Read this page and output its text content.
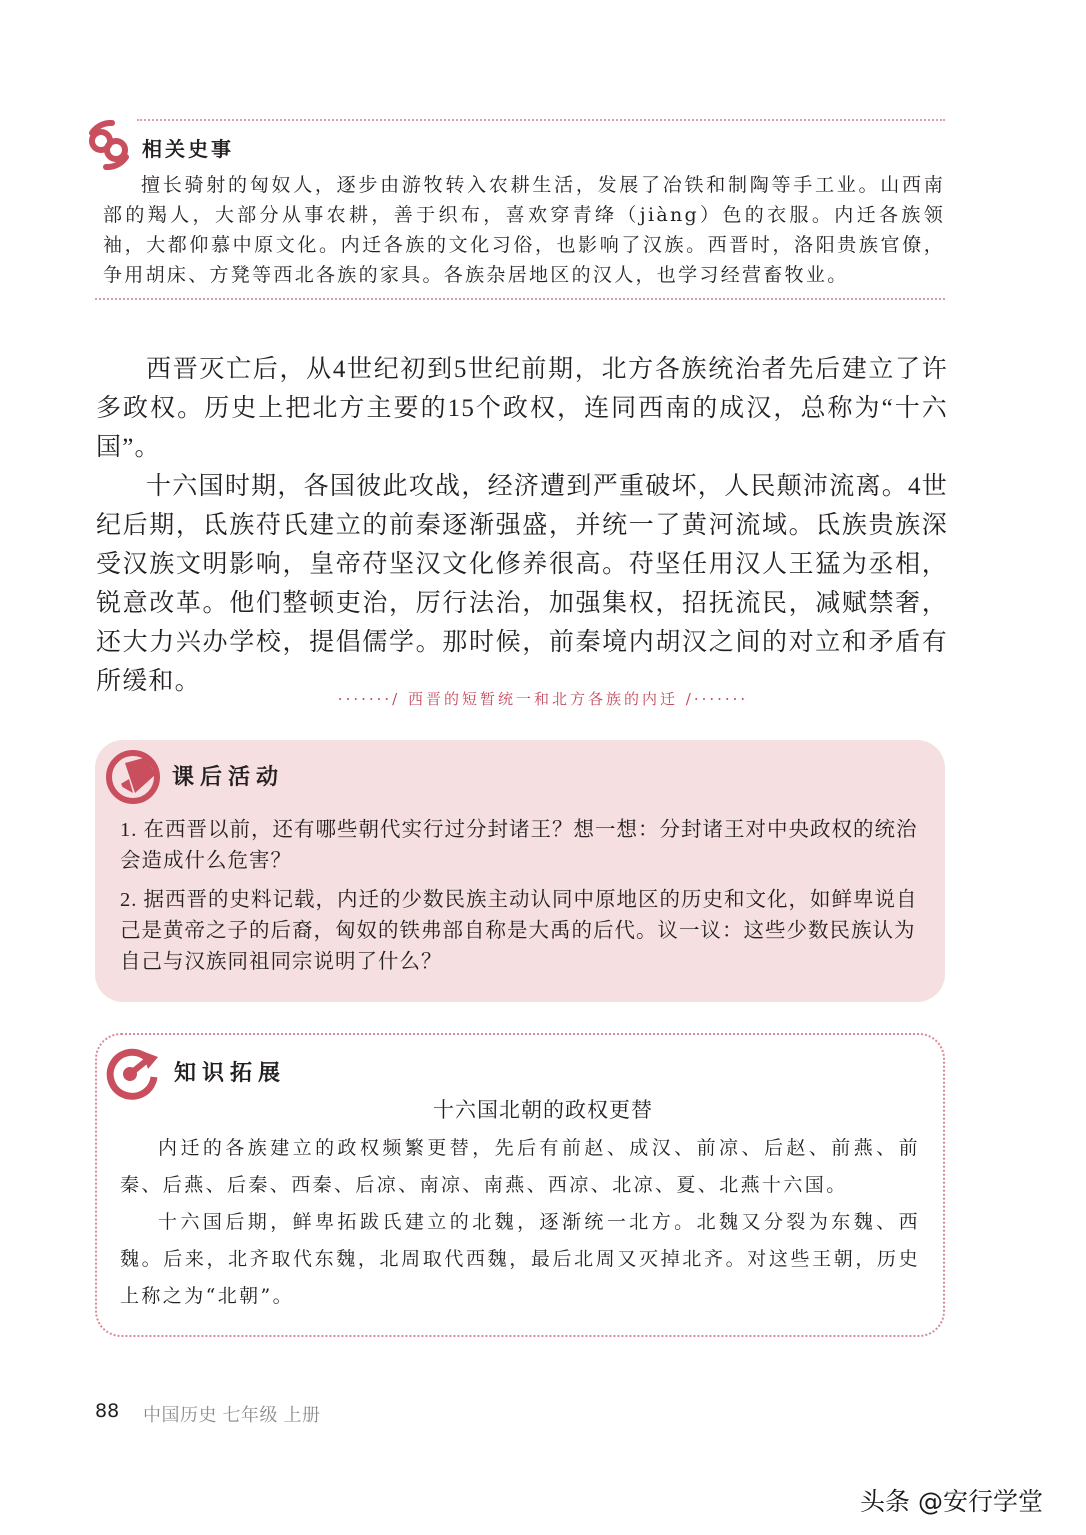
相关史事

擅长骑射的匈奴人，逐步由游牧转入农耕生活，发展了冶铁和制陶等手工业。山西南部的羯人，大部分从事农耕，善于织布，喜欢穿青绛（jiàng）色的衣服。内迁各族领袖，大都仰慕中原文化。内迁各族的文化习俗，也影响了汉族。西晋时，洛阳贵族官僚，争用胡床、方凳等西北各族的家具。各族杂居地区的汉人，也学习经营畜牧业。

西晋灭亡后，从4世纪初到5世纪前期，北方各族统治者先后建立了许多政权。历史上把北方主要的15个政权，连同西南的成汉，总称为“十六国”。

十六国时期，各国彼此攻战，经济遭到严重破坏，人民颠沛流离。4世纪后期，氐族苻氏建立的前秦逐渐强盛，并统一了黄河流域。氐族贵族深受汉族文明影响，皇帝苻坚汉文化修养很高。苻坚任用汉人王猛为丞相，锐意改革。他们整顿吏治，厉行法治，加强集权，招抚流民，减赋禁奢，还大力兴办学校，提倡儒学。那时候，前秦境内胡汉之间的对立和矛盾有所缓和。

·······/ 西晋的短暂统一和北方各族的内迁 /·······
课后活动

1. 在西晋以前，还有哪些朝代实行过分封诸王？想一想：分封诸王对中央政权的统治会造成什么危害？

2. 据西晋的史料记载，内迁的少数民族主动认同中原地区的历史和文化，如鲜卑说自己是黄帝之子的后裔，匈奴的铁弗部自称是大禹的后代。议一议：这些少数民族认为自己与汉族同祖同宗说明了什么？

知识拓展
十六国北朝的政权更替

内迁的各族建立的政权频繁更替，先后有前赵、成汉、前凉、后赵、前燕、前秦、后燕、后秦、西秦、后凉、南凉、南燕、西凉、北凉、夏、北燕十六国。

十六国后期，鲜卑拓跋氏建立的北魏，逐渐统一北方。北魏又分裂为东魏、西魏。后来，北齐取代东魏，北周取代西魏，最后北周又灭掉北齐。对这些王朝，历史上称之为“北朝”。

88 中国历史 七年级 上册
头条 @安行学堂
